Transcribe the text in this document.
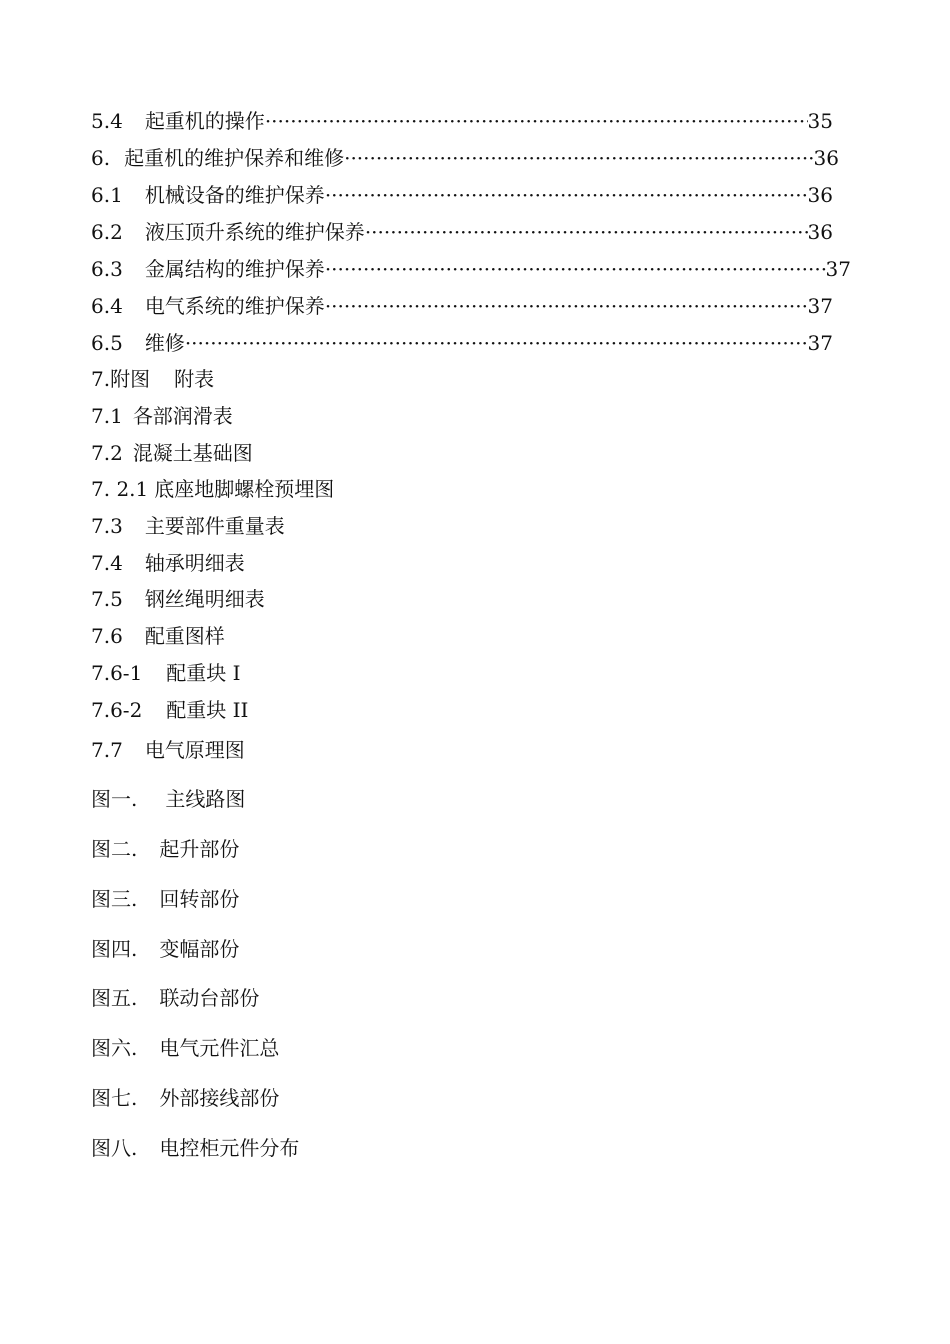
5.4 起重机的操作 ·····	35
6. 起重机的维护保养和维修 ·····	36
6.1 机械设备的维护保养 ·····	36
6.2 液压顶升系统的维护保养 ·····	36
6.3 金属结构的维护保养 ·····	37
6.4 电气系统的维护保养 ·····	37
6.5 维修 ·····	37
7.附图 附表
7.1 各部润滑表
7.2 混凝土基础图
7. 2.1 底座地脚螺栓预埋图
7.3 主要部件重量表
7.4 轴承明细表
7.5 钢丝绳明细表
7.6 配重图样
7.6-1 配重块 I
7.6-2 配重块 II
7.7 电气原理图
图一. 主线路图
图二. 起升部份
图三. 回转部份
图四. 变幅部份
图五. 联动台部份
图六. 电气元件汇总
图七. 外部接线部份
图八. 电控柜元件分布
